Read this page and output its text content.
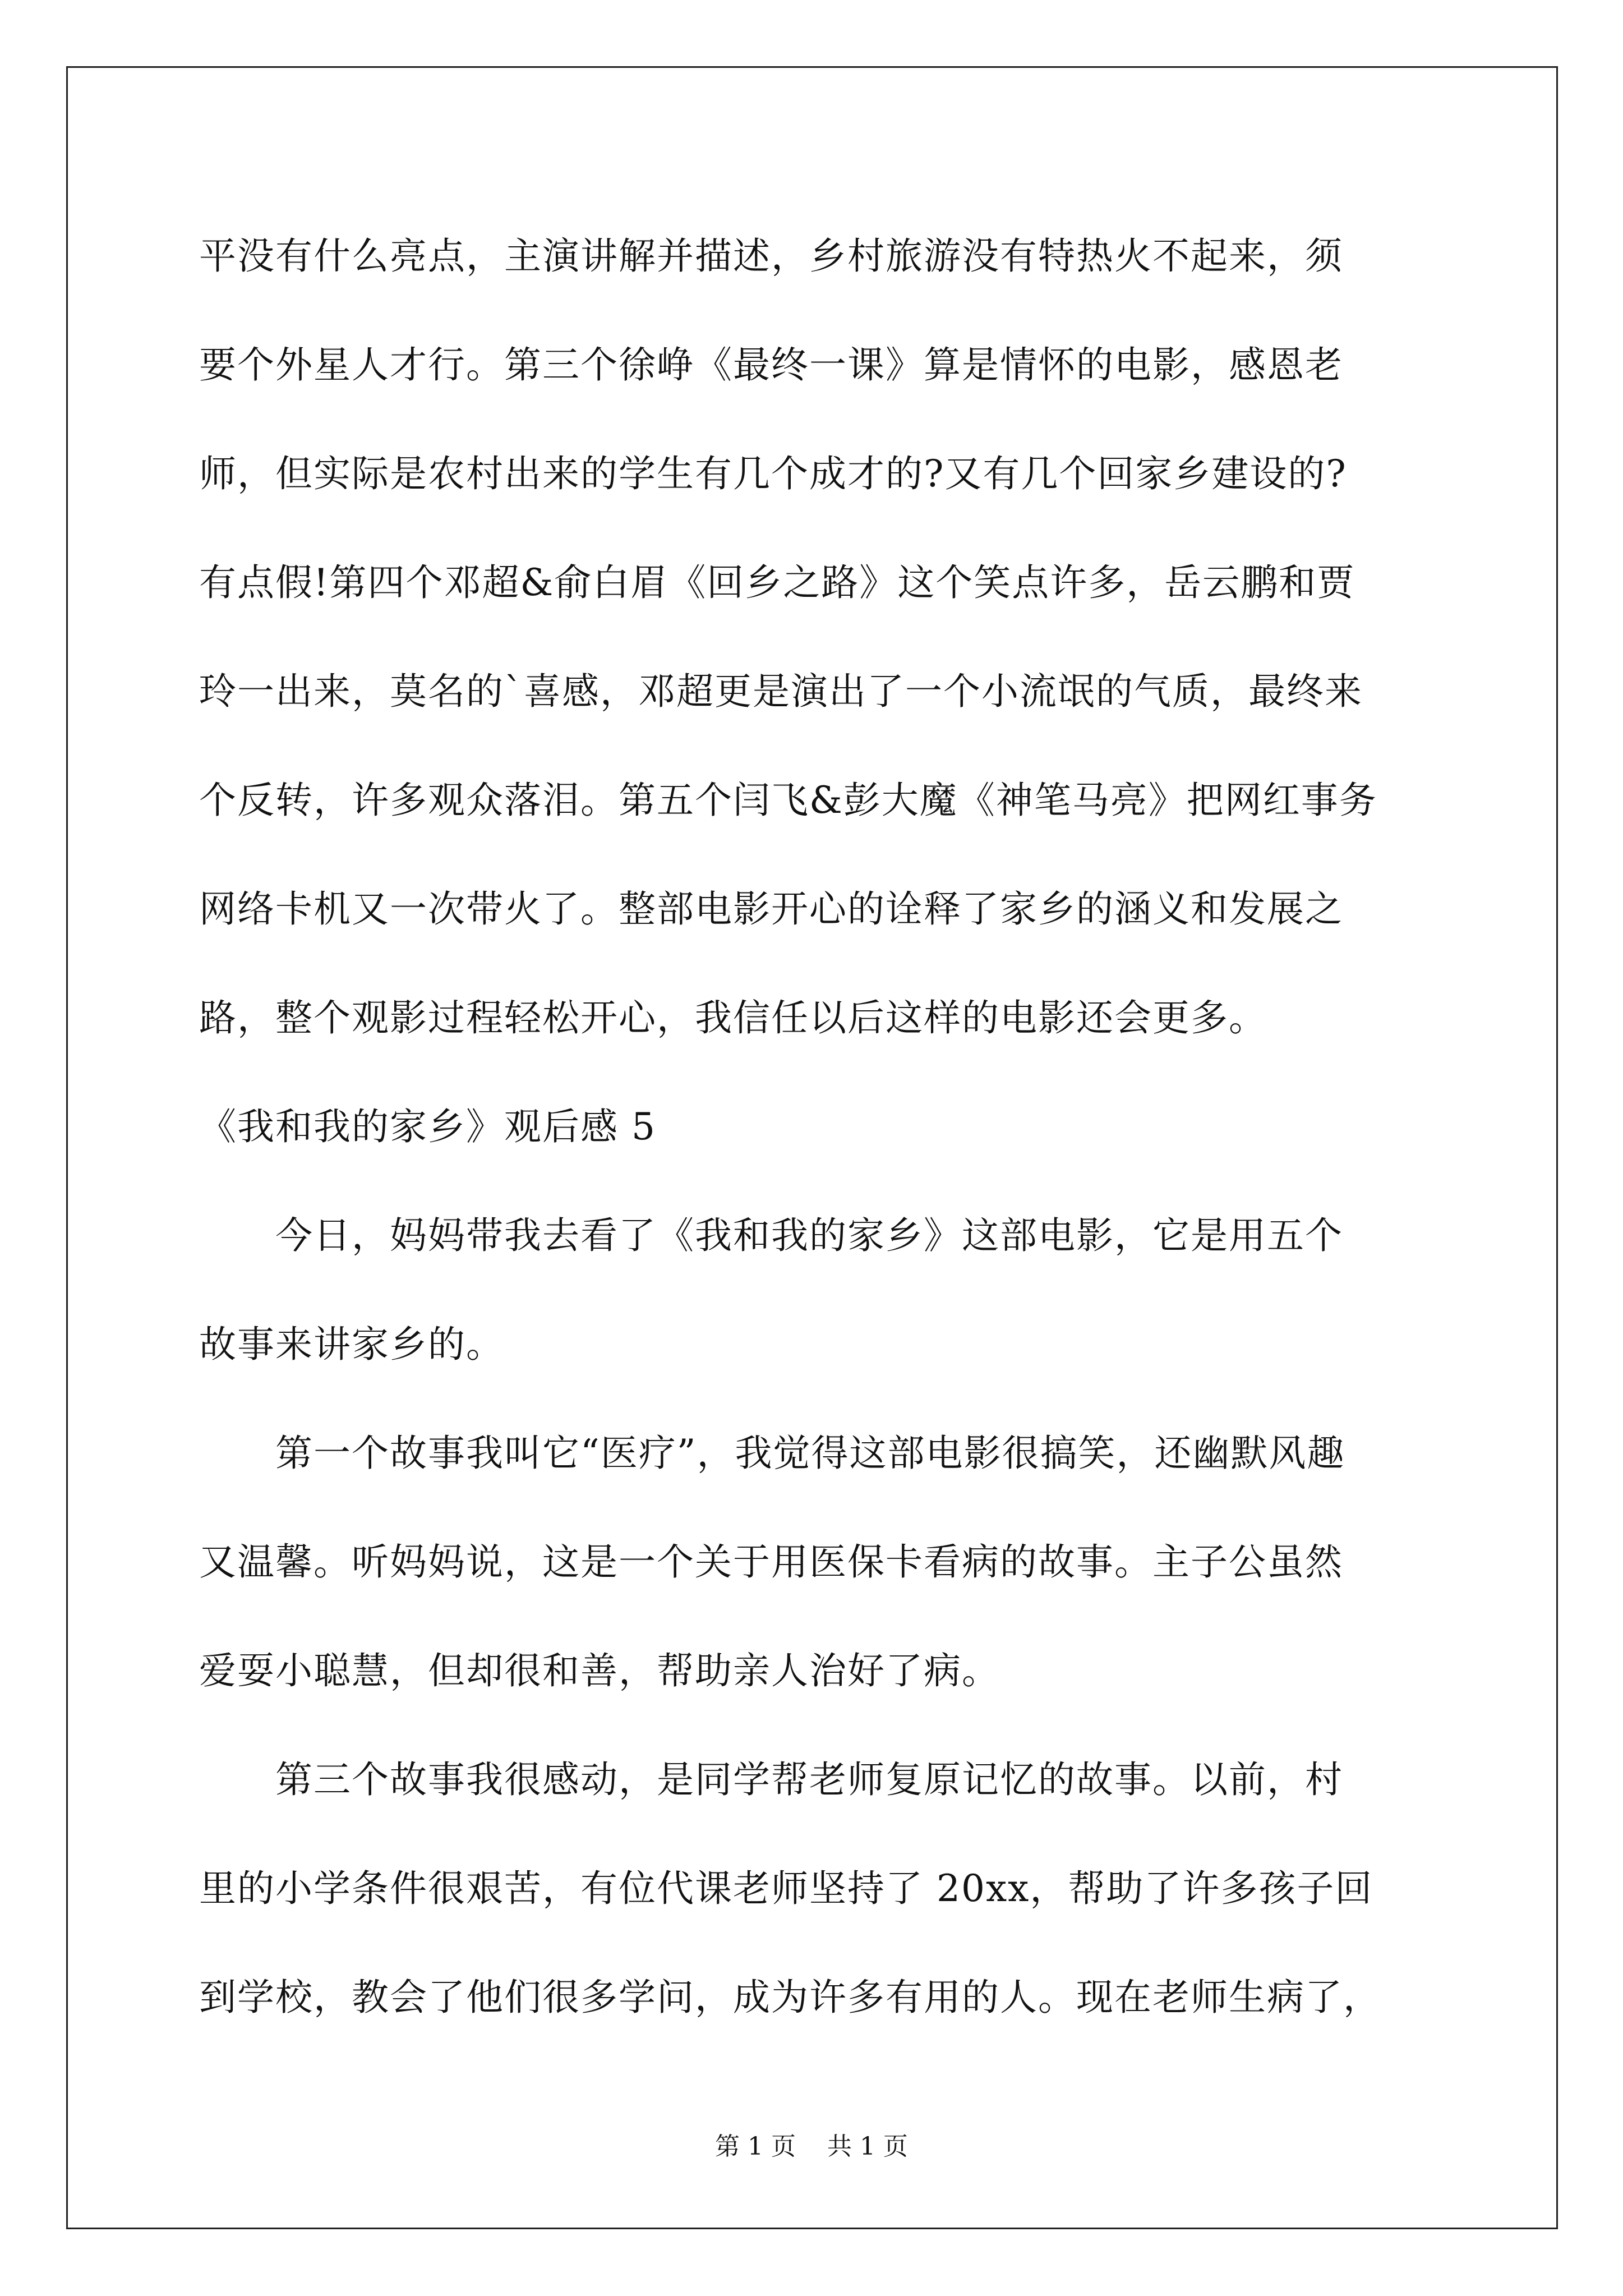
平没有什么亮点，主演讲解并描述，乡村旅游没有特热火不起来，须
要个外星人才行。第三个徐峥《最终一课》算是情怀的电影，感恩老
师，但实际是农村出来的学生有几个成才的?又有几个回家乡建设的?
有点假!第四个邓超&俞白眉《回乡之路》这个笑点许多，岳云鹏和贾
玲一出来，莫名的`喜感，邓超更是演出了一个小流氓的气质，最终来
个反转，许多观众落泪。第五个闫飞&彭大魔《神笔马亮》把网红事务
网络卡机又一次带火了。整部电影开心的诠释了家乡的涵义和发展之
路，整个观影过程轻松开心，我信任以后这样的电影还会更多。
《我和我的家乡》观后感 5
今日，妈妈带我去看了《我和我的家乡》这部电影，它是用五个
故事来讲家乡的。
第一个故事我叫它“医疗”，我觉得这部电影很搞笑，还幽默风趣
又温馨。听妈妈说，这是一个关于用医保卡看病的故事。主子公虽然
爱耍小聪慧，但却很和善，帮助亲人治好了病。
第三个故事我很感动，是同学帮老师复原记忆的故事。以前，村
里的小学条件很艰苦，有位代课老师坚持了 20xx，帮助了许多孩子回
到学校，教会了他们很多学问，成为许多有用的人。现在老师生病了，
第 1 页    共 1 页
